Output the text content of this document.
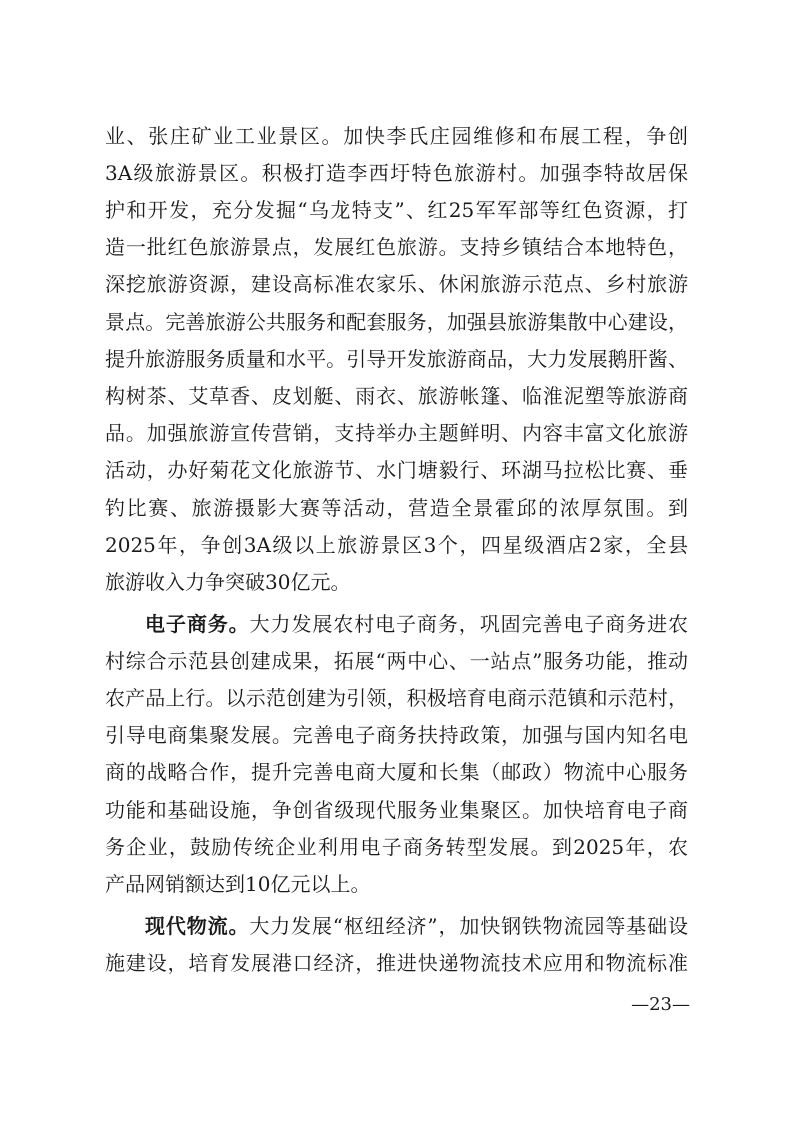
业、张庄矿业工业景区。加快李氏庄园维修和布展工程，争创
3A级旅游景区。积极打造李西圩特色旅游村。加强李特故居保
护和开发，充分发掘“乌龙特支”、红25军军部等红色资源，打
造一批红色旅游景点，发展红色旅游。支持乡镇结合本地特色，
深挖旅游资源，建设高标准农家乐、休闲旅游示范点、乡村旅游
景点。完善旅游公共服务和配套服务，加强县旅游集散中心建设，
提升旅游服务质量和水平。引导开发旅游商品，大力发展鹅肝酱、
构树茶、艾草香、皮划艇、雨衣、旅游帐篷、临淮泥塑等旅游商
品。加强旅游宣传营销，支持举办主题鲜明、内容丰富文化旅游
活动，办好菊花文化旅游节、水门塘毅行、环湖马拉松比赛、垂
钓比赛、旅游摄影大赛等活动，营造全景霍邱的浓厚氛围。到
2025年，争创3A级以上旅游景区3个，四星级酒店2家，全县
旅游收入力争突破30亿元。
电子商务。大力发展农村电子商务，巩固完善电子商务进农
村综合示范县创建成果，拓展“两中心、一站点”服务功能，推动
农产品上行。以示范创建为引领，积极培育电商示范镇和示范村，
引导电商集聚发展。完善电子商务扶持政策，加强与国内知名电
商的战略合作，提升完善电商大厦和长集（邮政）物流中心服务
功能和基础设施，争创省级现代服务业集聚区。加快培育电子商
务企业，鼓励传统企业利用电子商务转型发展。到2025年，农
产品网销额达到10亿元以上。
现代物流。大力发展“枢纽经济”，加快钢铁物流园等基础设
施建设，培育发展港口经济，推进快递物流技术应用和物流标准
—23—
